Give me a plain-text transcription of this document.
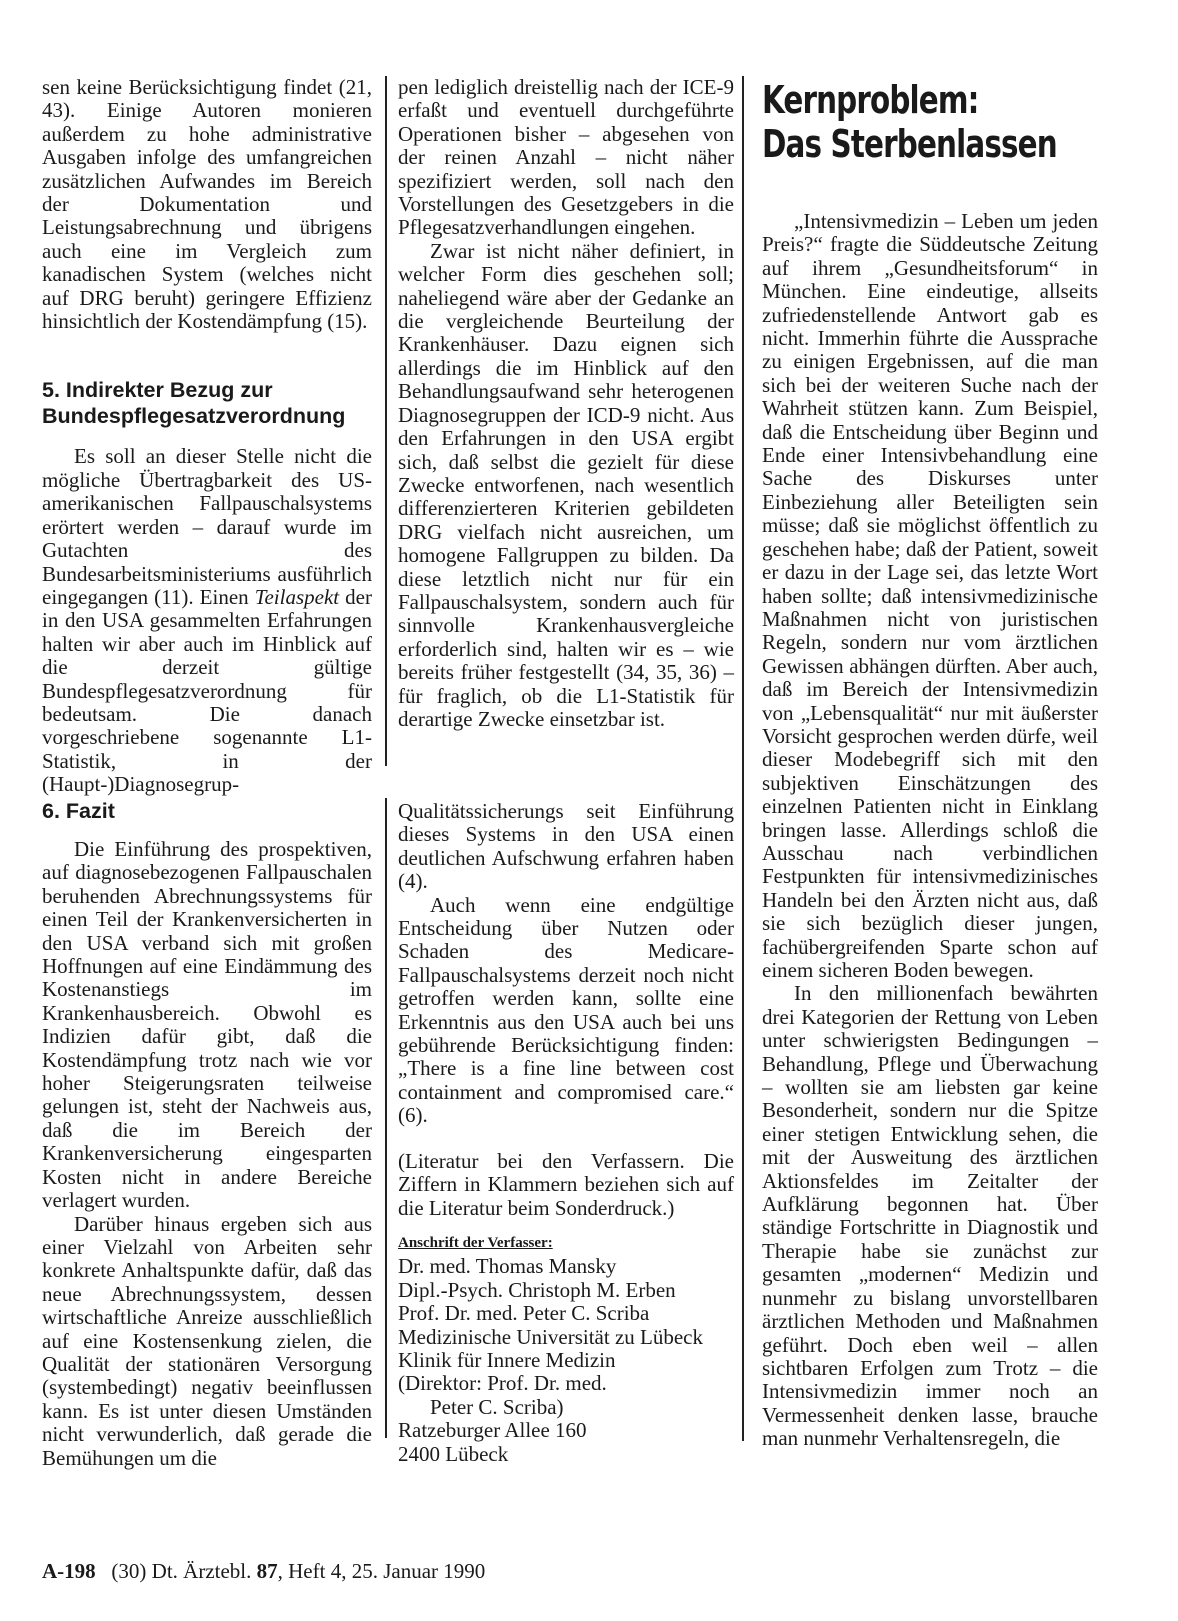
sen keine Berücksichtigung findet (21, 43). Einige Autoren monieren außerdem zu hohe administrative Ausgaben infolge des umfangreichen zusätzlichen Aufwandes im Bereich der Dokumentation und Leistungsabrechnung und übrigens auch eine im Vergleich zum kanadischen System (welches nicht auf DRG beruht) geringere Effizienz hinsichtlich der Kostendämpfung (15).

5. Indirekter Bezug zur Bundespflegesatzverordnung

Es soll an dieser Stelle nicht die mögliche Übertragbarkeit des US-amerikanischen Fallpauschalsystems erörtert werden – darauf wurde im Gutachten des Bundesarbeitsministeriums ausführlich eingegangen (11). Einen Teilaspekt der in den USA gesammelten Erfahrungen halten wir aber auch im Hinblick auf die derzeit gültige Bundespflegesatzverordnung für bedeutsam. Die danach vorgeschriebene sogenannte L1-Statistik, in der (Haupt-)Diagnosegrup-

6. Fazit

Die Einführung des prospektiven, auf diagnosebezogenen Fallpauschalen beruhenden Abrechnungssystems für einen Teil der Krankenversicherten in den USA verband sich mit großen Hoffnungen auf eine Eindämmung des Kostenanstiegs im Krankenhausbereich. Obwohl es Indizien dafür gibt, daß die Kostendämpfung trotz nach wie vor hoher Steigerungsraten teilweise gelungen ist, steht der Nachweis aus, daß die im Bereich der Krankenversicherung eingesparten Kosten nicht in andere Bereiche verlagert wurden.

Darüber hinaus ergeben sich aus einer Vielzahl von Arbeiten sehr konkrete Anhaltspunkte dafür, daß das neue Abrechnungssystem, dessen wirtschaftliche Anreize ausschließlich auf eine Kostensenkung zielen, die Qualität der stationären Versorgung (systembedingt) negativ beeinflussen kann. Es ist unter diesen Umständen nicht verwunderlich, daß gerade die Bemühungen um die

pen lediglich dreistellig nach der ICE-9 erfaßt und eventuell durchgeführte Operationen bisher – abgesehen von der reinen Anzahl – nicht näher spezifiziert werden, soll nach den Vorstellungen des Gesetzgebers in die Pflegesatzverhandlungen eingehen.

Zwar ist nicht näher definiert, in welcher Form dies geschehen soll; naheliegend wäre aber der Gedanke an die vergleichende Beurteilung der Krankenhäuser. Dazu eignen sich allerdings die im Hinblick auf den Behandlungsaufwand sehr heterogenen Diagnosegruppen der ICD-9 nicht. Aus den Erfahrungen in den USA ergibt sich, daß selbst die gezielt für diese Zwecke entworfenen, nach wesentlich differenzierteren Kriterien gebildeten DRG vielfach nicht ausreichen, um homogene Fallgruppen zu bilden. Da diese letztlich nicht nur für ein Fallpauschalsystem, sondern auch für sinnvolle Krankenhausvergleiche erforderlich sind, halten wir es – wie bereits früher festgestellt (34, 35, 36) – für fraglich, ob die L1-Statistik für derartige Zwecke einsetzbar ist.

Qualitätssicherungs seit Einführung dieses Systems in den USA einen deutlichen Aufschwung erfahren haben (4).

Auch wenn eine endgültige Entscheidung über Nutzen oder Schaden des Medicare-Fallpauschalsystems derzeit noch nicht getroffen werden kann, sollte eine Erkenntnis aus den USA auch bei uns gebührende Berücksichtigung finden: „There is a fine line between cost containment and compromised care.“ (6).

(Literatur bei den Verfassern. Die Ziffern in Klammern beziehen sich auf die Literatur beim Sonderdruck.)

Anschrift der Verfasser:

Dr. med. Thomas Mansky

Dipl.-Psych. Christoph M. Erben

Prof. Dr. med. Peter C. Scriba

Medizinische Universität zu Lübeck

Klinik für Innere Medizin

(Direktor: Prof. Dr. med.

Peter C. Scriba)

Ratzeburger Allee 160

2400 Lübeck

Kernproblem:
Das Sterbenlassen

„Intensivmedizin – Leben um jeden Preis?“ fragte die Süddeutsche Zeitung auf ihrem „Gesundheitsforum“ in München. Eine eindeutige, allseits zufriedenstellende Antwort gab es nicht. Immerhin führte die Aussprache zu einigen Ergebnissen, auf die man sich bei der weiteren Suche nach der Wahrheit stützen kann. Zum Beispiel, daß die Entscheidung über Beginn und Ende einer Intensivbehandlung eine Sache des Diskurses unter Einbeziehung aller Beteiligten sein müsse; daß sie möglichst öffentlich zu geschehen habe; daß der Patient, soweit er dazu in der Lage sei, das letzte Wort haben sollte; daß intensivmedizinische Maßnahmen nicht von juristischen Regeln, sondern nur vom ärztlichen Gewissen abhängen dürften. Aber auch, daß im Bereich der Intensivmedizin von „Lebensqualität“ nur mit äußerster Vorsicht gesprochen werden dürfe, weil dieser Modebegriff sich mit den subjektiven Einschätzungen des einzelnen Patienten nicht in Einklang bringen lasse. Allerdings schloß die Ausschau nach verbindlichen Festpunkten für intensivmedizinisches Handeln bei den Ärzten nicht aus, daß sie sich bezüglich dieser jungen, fachübergreifenden Sparte schon auf einem sicheren Boden bewegen.

In den millionenfach bewährten drei Kategorien der Rettung von Leben unter schwierigsten Bedingungen – Behandlung, Pflege und Überwachung – wollten sie am liebsten gar keine Besonderheit, sondern nur die Spitze einer stetigen Entwicklung sehen, die mit der Ausweitung des ärztlichen Aktionsfeldes im Zeitalter der Aufklärung begonnen hat. Über ständige Fortschritte in Diagnostik und Therapie habe sie zunächst zur gesamten „modernen“ Medizin und nunmehr zu bislang unvorstellbaren ärztlichen Methoden und Maßnahmen geführt. Doch eben weil – allen sichtbaren Erfolgen zum Trotz – die Intensivmedizin immer noch an Vermessenheit denken lasse, brauche man nunmehr Verhaltensregeln, die

A-198 (30) Dt. Ärztebl. 87, Heft 4, 25. Januar 1990
